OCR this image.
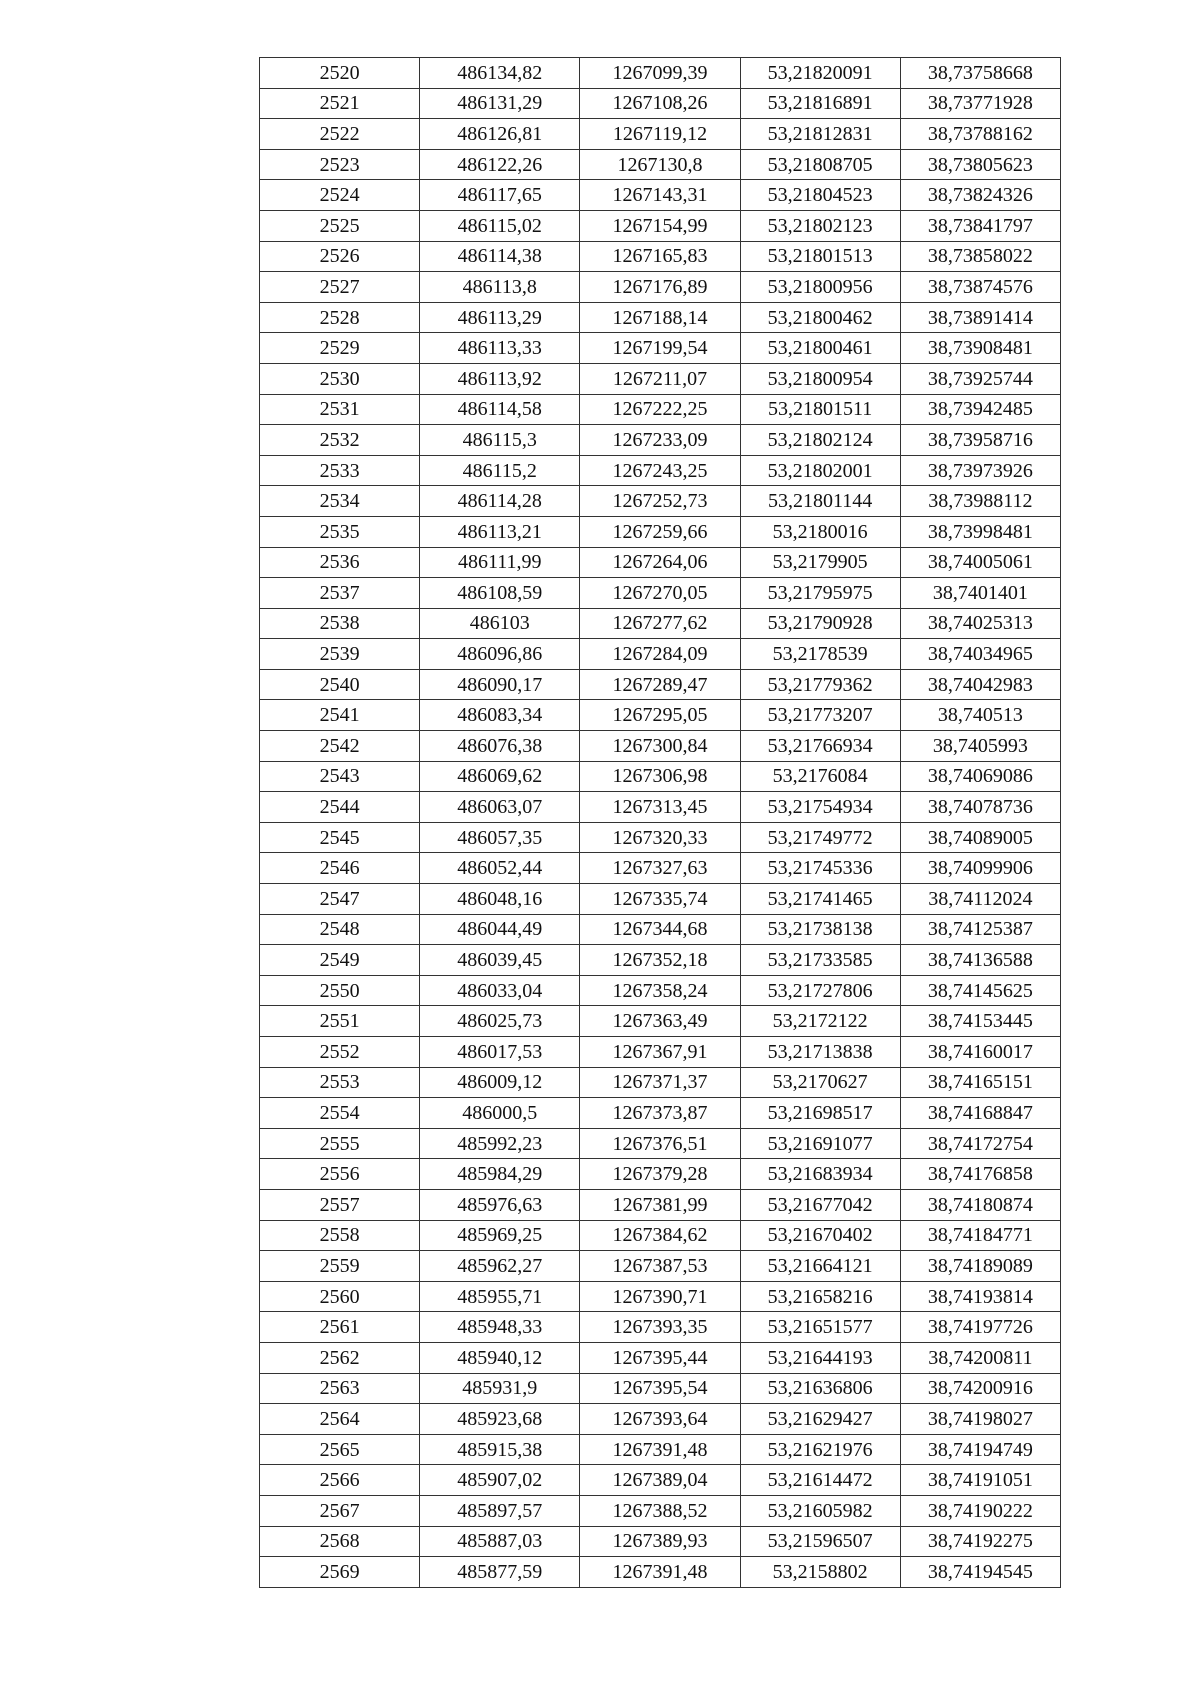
2520	486134,82	1267099,39	53,21820091	38,73758668
2521	486131,29	1267108,26	53,21816891	38,73771928
2522	486126,81	1267119,12	53,21812831	38,73788162
2523	486122,26	1267130,8	53,21808705	38,73805623
2524	486117,65	1267143,31	53,21804523	38,73824326
2525	486115,02	1267154,99	53,21802123	38,73841797
2526	486114,38	1267165,83	53,21801513	38,73858022
2527	486113,8	1267176,89	53,21800956	38,73874576
2528	486113,29	1267188,14	53,21800462	38,73891414
2529	486113,33	1267199,54	53,21800461	38,73908481
2530	486113,92	1267211,07	53,21800954	38,73925744
2531	486114,58	1267222,25	53,21801511	38,73942485
2532	486115,3	1267233,09	53,21802124	38,73958716
2533	486115,2	1267243,25	53,21802001	38,73973926
2534	486114,28	1267252,73	53,21801144	38,73988112
2535	486113,21	1267259,66	53,2180016	38,73998481
2536	486111,99	1267264,06	53,2179905	38,74005061
2537	486108,59	1267270,05	53,21795975	38,7401401
2538	486103	1267277,62	53,21790928	38,74025313
2539	486096,86	1267284,09	53,2178539	38,74034965
2540	486090,17	1267289,47	53,21779362	38,74042983
2541	486083,34	1267295,05	53,21773207	38,740513
2542	486076,38	1267300,84	53,21766934	38,7405993
2543	486069,62	1267306,98	53,2176084	38,74069086
2544	486063,07	1267313,45	53,21754934	38,74078736
2545	486057,35	1267320,33	53,21749772	38,74089005
2546	486052,44	1267327,63	53,21745336	38,74099906
2547	486048,16	1267335,74	53,21741465	38,74112024
2548	486044,49	1267344,68	53,21738138	38,74125387
2549	486039,45	1267352,18	53,21733585	38,74136588
2550	486033,04	1267358,24	53,21727806	38,74145625
2551	486025,73	1267363,49	53,2172122	38,74153445
2552	486017,53	1267367,91	53,21713838	38,74160017
2553	486009,12	1267371,37	53,2170627	38,74165151
2554	486000,5	1267373,87	53,21698517	38,74168847
2555	485992,23	1267376,51	53,21691077	38,74172754
2556	485984,29	1267379,28	53,21683934	38,74176858
2557	485976,63	1267381,99	53,21677042	38,74180874
2558	485969,25	1267384,62	53,21670402	38,74184771
2559	485962,27	1267387,53	53,21664121	38,74189089
2560	485955,71	1267390,71	53,21658216	38,74193814
2561	485948,33	1267393,35	53,21651577	38,74197726
2562	485940,12	1267395,44	53,21644193	38,74200811
2563	485931,9	1267395,54	53,21636806	38,74200916
2564	485923,68	1267393,64	53,21629427	38,74198027
2565	485915,38	1267391,48	53,21621976	38,74194749
2566	485907,02	1267389,04	53,21614472	38,74191051
2567	485897,57	1267388,52	53,21605982	38,74190222
2568	485887,03	1267389,93	53,21596507	38,74192275
2569	485877,59	1267391,48	53,2158802	38,74194545
